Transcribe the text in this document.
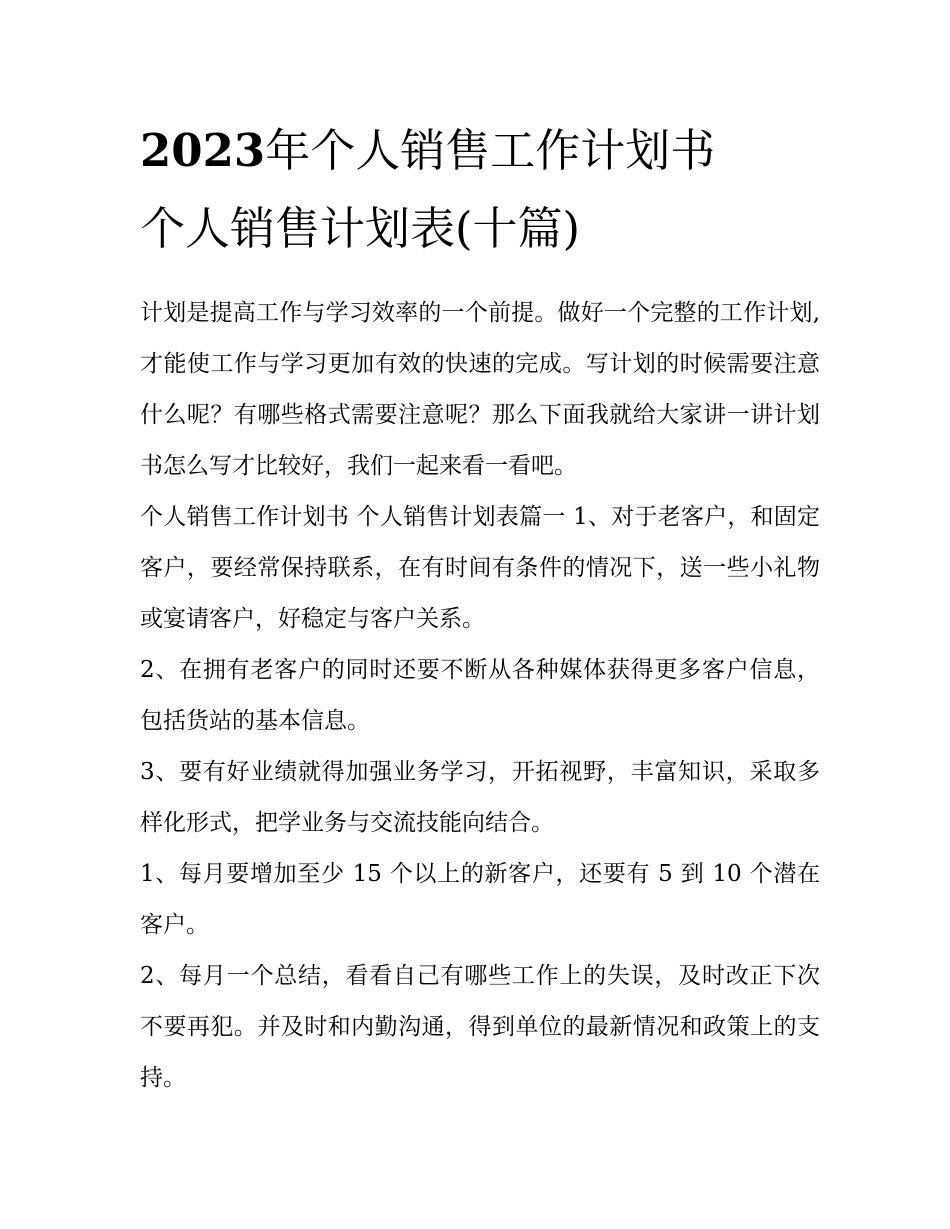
2023年个人销售工作计划书
个人销售计划表(十篇)

计划是提高工作与学习效率的一个前提。做好一个完整的工作计划,才能使工作与学习更加有效的快速的完成。写计划的时候需要注意什么呢？有哪些格式需要注意呢？那么下面我就给大家讲一讲计划书怎么写才比较好，我们一起来看一看吧。

个人销售工作计划书 个人销售计划表篇一 1、对于老客户，和固定客户，要经常保持联系，在有时间有条件的情况下，送一些小礼物或宴请客户，好稳定与客户关系。

2、在拥有老客户的同时还要不断从各种媒体获得更多客户信息，包括货站的基本信息。

3、要有好业绩就得加强业务学习，开拓视野，丰富知识，采取多样化形式，把学业务与交流技能向结合。

1、每月要增加至少 15 个以上的新客户，还要有 5 到 10 个潜在客户。

2、每月一个总结，看看自己有哪些工作上的失误，及时改正下次不要再犯。并及时和内勤沟通，得到单位的最新情况和政策上的支持。
